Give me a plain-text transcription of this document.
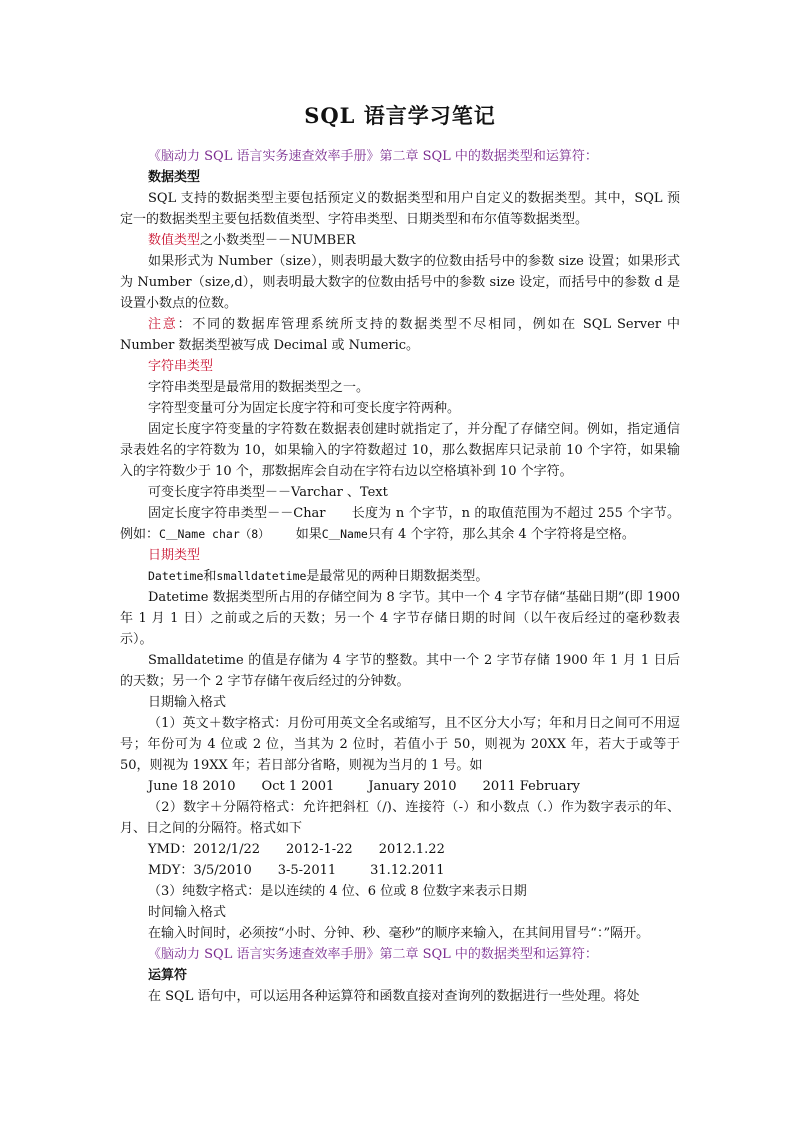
SQL 语言学习笔记

《脑动力 SQL 语言实务速查效率手册》第二章 SQL 中的数据类型和运算符：

数据类型

SQL 支持的数据类型主要包括预定义的数据类型和用户自定义的数据类型。其中，SQL 预定一的数据类型主要包括数值类型、字符串类型、日期类型和布尔值等数据类型。

数值类型之小数类型－－NUMBER

如果形式为 Number（size），则表明最大数字的位数由括号中的参数 size 设置；如果形式为 Number（size,d），则表明最大数字的位数由括号中的参数 size 设定，而括号中的参数 d 是设置小数点的位数。

注意：不同的数据库管理系统所支持的数据类型不尽相同，例如在 SQL Server 中 Number 数据类型被写成 Decimal 或 Numeric。

字符串类型

字符串类型是最常用的数据类型之一。

字符型变量可分为固定长度字符和可变长度字符两种。

固定长度字符变量的字符数在数据表创建时就指定了，并分配了存储空间。例如，指定通信录表姓名的字符数为 10，如果输入的字符数超过 10，那么数据库只记录前 10 个字符，如果输入的字符数少于 10 个，那数据库会自动在字符右边以空格填补到 10 个字符。

可变长度字符串类型－－Varchar 、Text

固定长度字符串类型－－Char 长度为 n 个字节，n 的取值范围为不超过 255 个字节。例如：C＿Name char（8） 如果C＿Name只有 4 个字符，那么其余 4 个字符将是空格。

日期类型

Datetime和smalldatetime是最常见的两种日期数据类型。

Datetime 数据类型所占用的存储空间为 8 字节。其中一个 4 字节存储“基础日期”(即 1900 年 1 月 1 日）之前或之后的天数；另一个 4 字节存储日期的时间（以午夜后经过的毫秒数表示）。

Smalldatetime 的值是存储为 4 字节的整数。其中一个 2 字节存储 1900 年 1 月 1 日后的天数；另一个 2 字节存储午夜后经过的分钟数。

日期输入格式

（1）英文＋数字格式：月份可用英文全名或缩写，且不区分大小写；年和月日之间可不用逗号；年份可为 4 位或 2 位，当其为 2 位时，若值小于 50，则视为 20XX 年，若大于或等于 50，则视为 19XX 年；若日部分省略，则视为当月的 1 号。如

June 18 2010 Oct 1 2001	January 2010 2011 February

（2）数字＋分隔符格式：允许把斜杠（/)、连接符（-）和小数点（.）作为数字表示的年、月、日之间的分隔符。格式如下

YMD：2012/1/22 2012-1-22 2012.1.22

MDY：3/5/2010 3-5-2011	31.12.2011

（3）纯数字格式：是以连续的 4 位、6 位或 8 位数字来表示日期

时间输入格式

在输入时间时，必须按“小时、分钟、秒、毫秒”的顺序来输入，在其间用冒号“：”隔开。

《脑动力 SQL 语言实务速查效率手册》第二章 SQL 中的数据类型和运算符：

运算符

在 SQL 语句中，可以运用各种运算符和函数直接对查询列的数据进行一些处理。将处
